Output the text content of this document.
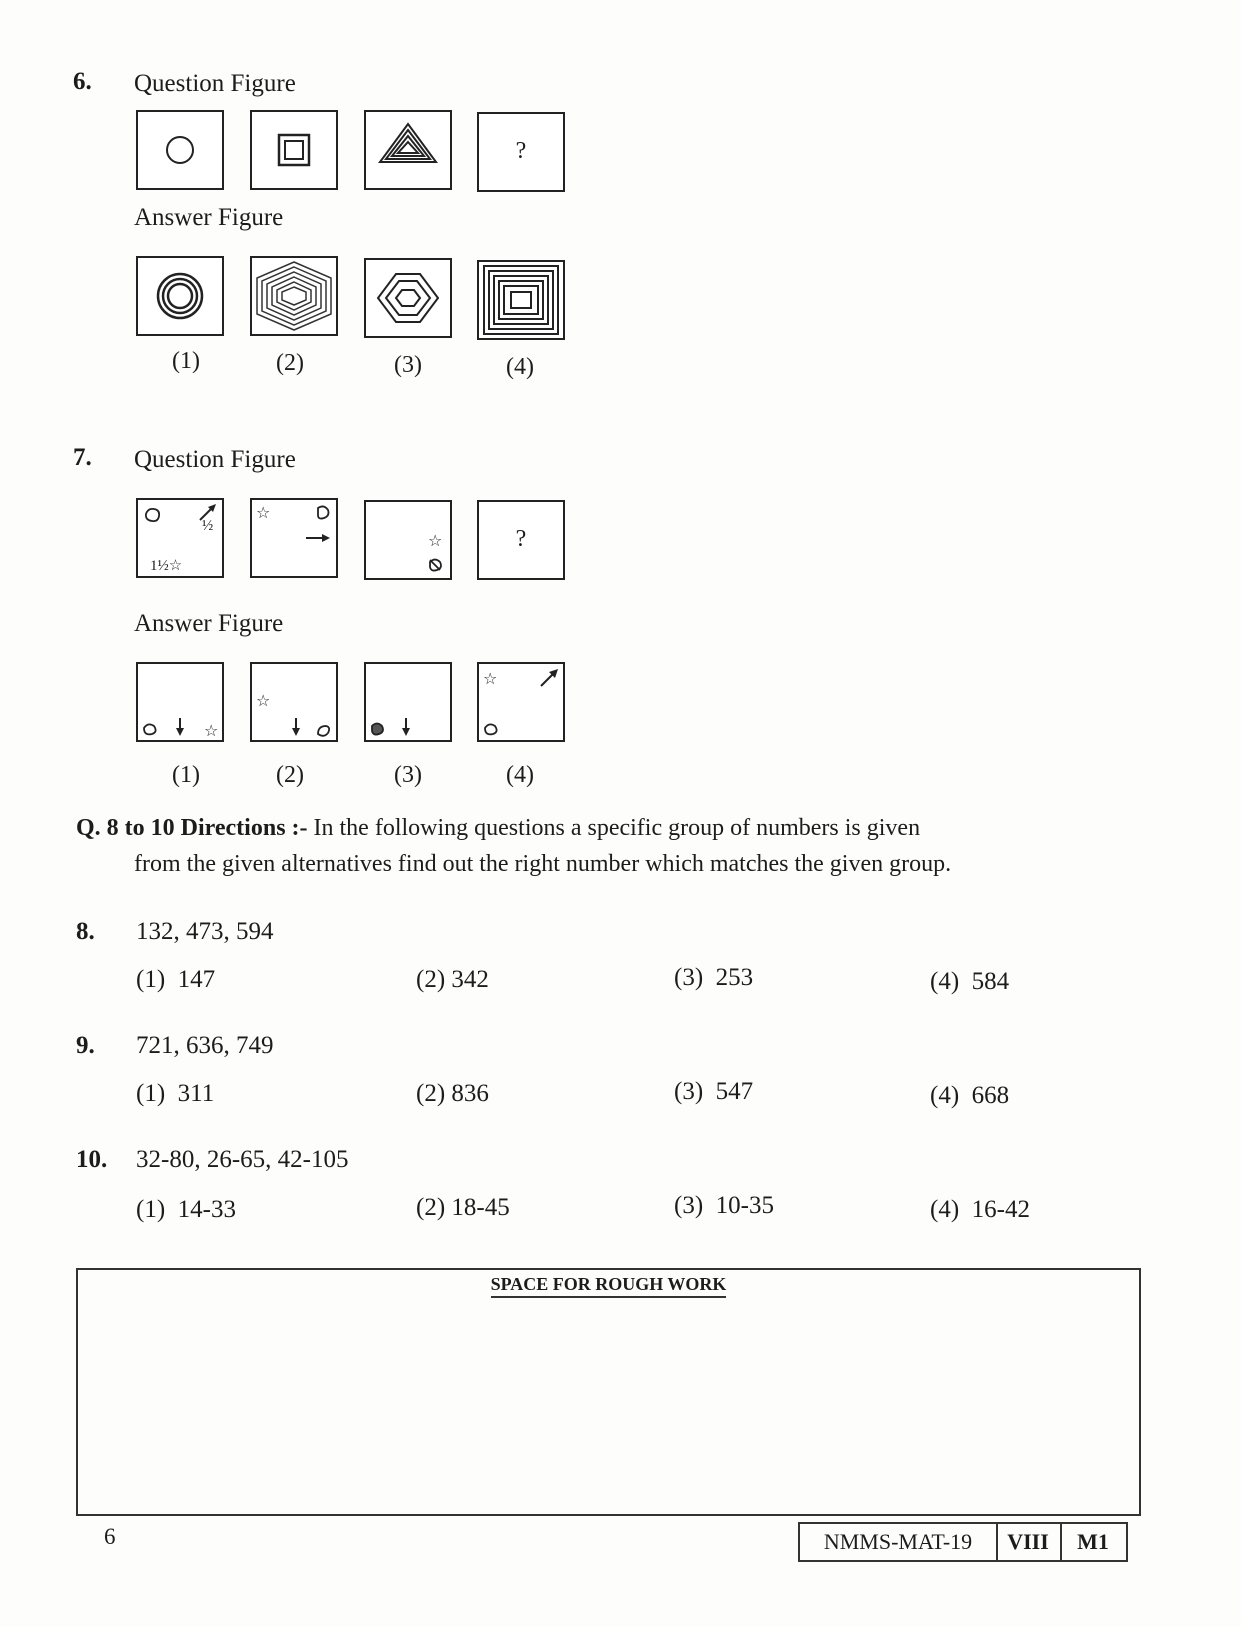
6. Question Figure
?
Answer Figure
(1)	(2)	(3)	(4)
7. Question Figure
½
1½☆
☆
☆	?
Answer Figure
☆
☆
☆
(1)	(2)	(3)	(4)
Q. 8 to 10 Directions :- In the following questions a specific group of numbers is given
from the given alternatives find out the right number which matches the given group.
8. 132, 473, 594
(1) 147	(2) 342	(3) 253	(4) 584
9. 721, 636, 749
(1) 311	(2) 836	(3) 547	(4) 668
10. 32-80, 26-65, 42-105
(1) 14-33	(2) 18-45	(3) 10-35	(4) 16-42
SPACE FOR ROUGH WORK
6	NMMS-MAT-19	VIII	M1
